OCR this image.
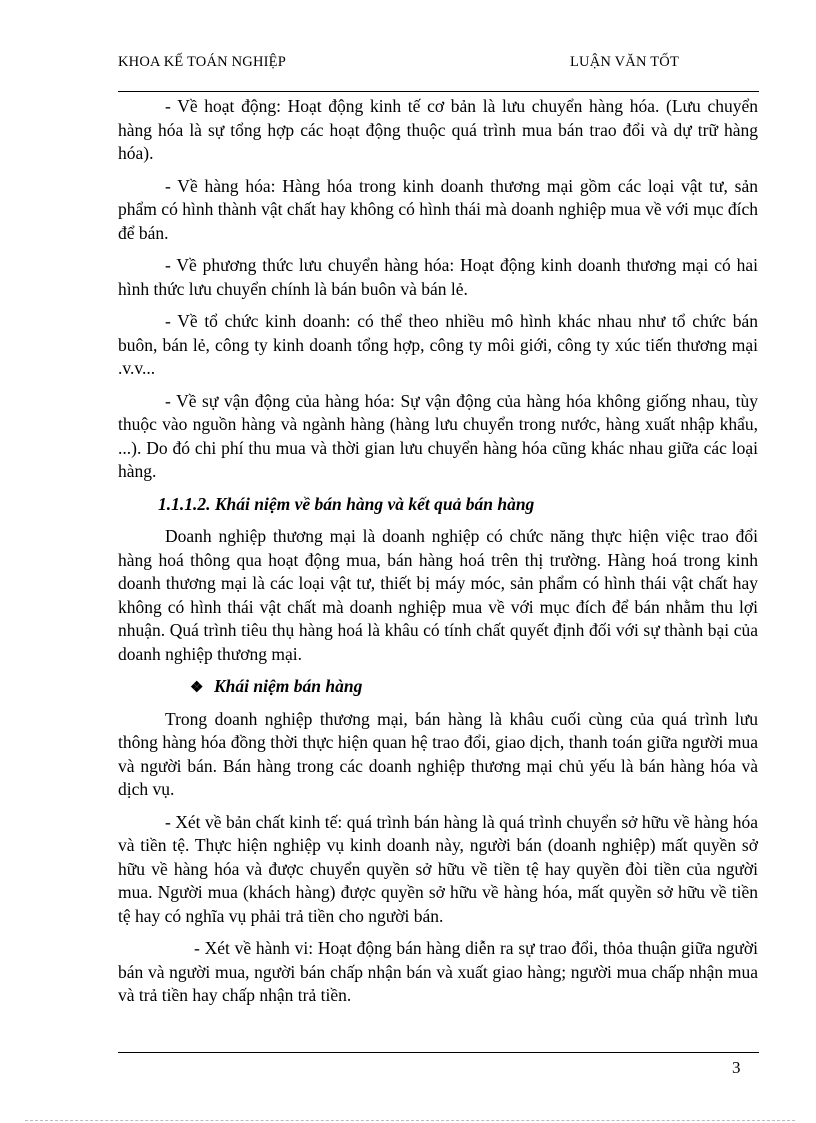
KHOA KẾ TOÁN NGHIỆP	LUẬN VĂN TỐT

- Về hoạt động: Hoạt động kinh tế cơ bản là lưu chuyển hàng hóa. (Lưu chuyển hàng hóa là sự tổng hợp các hoạt động thuộc quá trình mua bán trao đổi và dự trữ hàng hóa).

- Về hàng hóa: Hàng hóa trong kinh doanh thương mại gồm các loại vật tư, sản phẩm có hình thành vật chất hay không có hình thái mà doanh nghiệp mua về với mục đích để bán.

- Về phương thức lưu chuyển hàng hóa: Hoạt động kinh doanh thương mại có hai hình thức lưu chuyển chính là bán buôn và bán lẻ.

- Về tổ chức kinh doanh: có thể theo nhiều mô hình khác nhau như tổ chức bán buôn, bán lẻ, công ty kinh doanh tổng hợp, công ty môi giới, công ty xúc tiến thương mại .v.v...

- Về sự vận động của hàng hóa: Sự vận động của hàng hóa không giống nhau, tùy thuộc vào nguồn hàng và ngành hàng (hàng lưu chuyển trong nước, hàng xuất nhập khẩu, ...). Do đó chi phí thu mua và thời gian lưu chuyển hàng hóa cũng khác nhau giữa các loại hàng.

1.1.1.2. Khái niệm về bán hàng và kết quả bán hàng

Doanh nghiệp thương mại là doanh nghiệp có chức năng thực hiện việc trao đổi hàng hoá thông qua hoạt động mua, bán hàng hoá trên thị trường. Hàng hoá trong kinh doanh thương mại là các loại vật tư, thiết bị máy móc, sản phẩm có hình thái vật chất hay không có hình thái vật chất mà doanh nghiệp mua về với mục đích để bán nhằm thu lợi nhuận. Quá trình tiêu thụ hàng hoá là khâu có tính chất quyết định đối với sự thành bại của doanh nghiệp thương mại.

❖ Khái niệm bán hàng

Trong doanh nghiệp thương mại, bán hàng là khâu cuối cùng của quá trình lưu thông hàng hóa đồng thời thực hiện quan hệ trao đổi, giao dịch, thanh toán giữa người mua và người bán. Bán hàng trong các doanh nghiệp thương mại chủ yếu là bán hàng hóa và dịch vụ.

- Xét về bản chất kinh tế: quá trình bán hàng là quá trình chuyển sở hữu về hàng hóa và tiền tệ. Thực hiện nghiệp vụ kinh doanh này, người bán (doanh nghiệp) mất quyền sở hữu về hàng hóa và được chuyển quyền sở hữu về tiền tệ hay quyền đòi tiền của người mua. Người mua (khách hàng) được quyền sở hữu về hàng hóa, mất quyền sở hữu về tiền tệ hay có nghĩa vụ phải trả tiền cho người bán.

- Xét về hành vi: Hoạt động bán hàng diễn ra sự trao đổi, thỏa thuận giữa người bán và người mua, người bán chấp nhận bán và xuất giao hàng; người mua chấp nhận mua và trả tiền hay chấp nhận trả tiền.

3
